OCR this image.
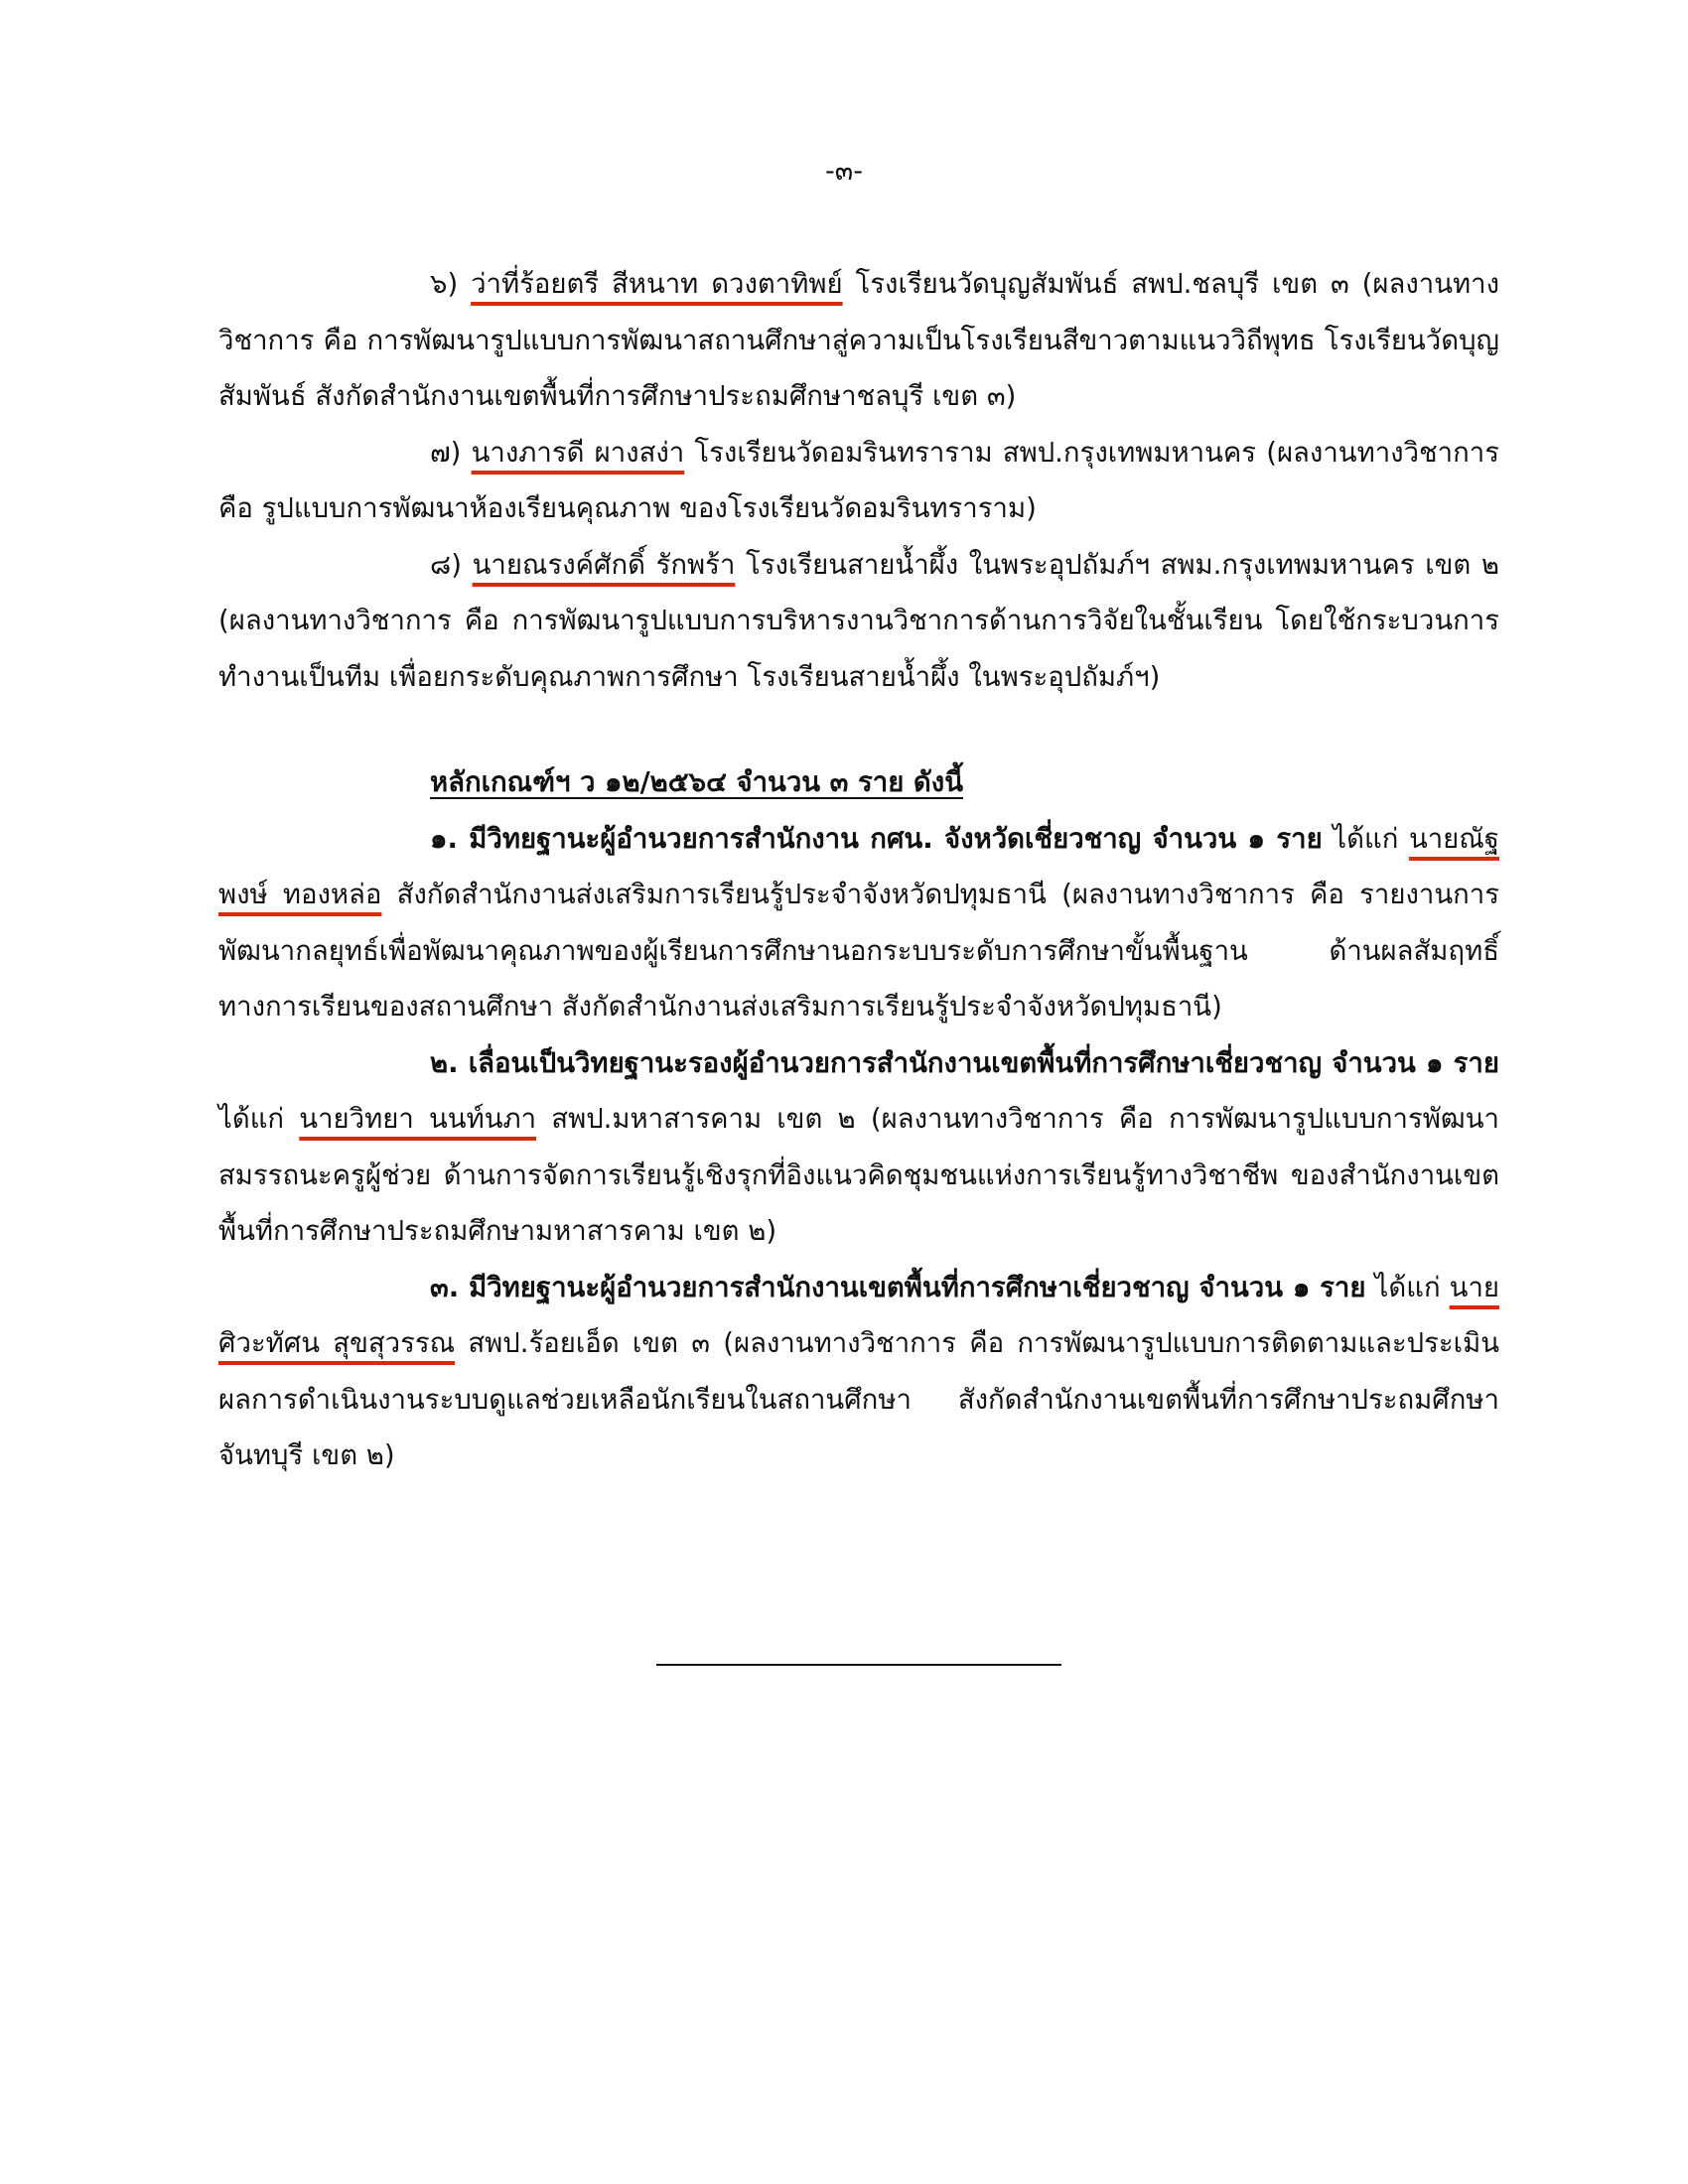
-๓-

๖) ว่าที่ร้อยตรี สีหนาท ดวงตาทิพย์ โรงเรียนวัดบุญสัมพันธ์ สพป.ชลบุรี เขต ๓ (ผลงานทางวิชาการ คือ การพัฒนารูปแบบการพัฒนาสถานศึกษาสู่ความเป็นโรงเรียนสีขาวตามแนววิถีพุทธ โรงเรียนวัดบุญสัมพันธ์ สังกัดสำนักงานเขตพื้นที่การศึกษาประถมศึกษาชลบุรี เขต ๓)

๗) นางภารดี ผางสง่า โรงเรียนวัดอมรินทราราม สพป.กรุงเทพมหานคร (ผลงานทางวิชาการ คือ รูปแบบการพัฒนาห้องเรียนคุณภาพ ของโรงเรียนวัดอมรินทราราม)

๘) นายณรงค์ศักดิ์ รักพร้า โรงเรียนสายน้ำผึ้ง ในพระอุปถัมภ์ฯ สพม.กรุงเทพมหานคร เขต ๒ (ผลงานทางวิชาการ คือ การพัฒนารูปแบบการบริหารงานวิชาการด้านการวิจัยในชั้นเรียน โดยใช้กระบวนการทำงานเป็นทีม เพื่อยกระดับคุณภาพการศึกษา โรงเรียนสายน้ำผึ้ง ในพระอุปถัมภ์ฯ)

หลักเกณฑ์ฯ ว ๑๒/๒๕๖๔ จำนวน ๓ ราย ดังนี้

๑. มีวิทยฐานะผู้อำนวยการสำนักงาน กศน. จังหวัดเชี่ยวชาญ จำนวน ๑ ราย ได้แก่ นายณัฐพงษ์ ทองหล่อ สังกัดสำนักงานส่งเสริมการเรียนรู้ประจำจังหวัดปทุมธานี (ผลงานทางวิชาการ คือ รายงานการพัฒนากลยุทธ์เพื่อพัฒนาคุณภาพของผู้เรียนการศึกษานอกระบบระดับการศึกษาขั้นพื้นฐาน ด้านผลสัมฤทธิ์ทางการเรียนของสถานศึกษา สังกัดสำนักงานส่งเสริมการเรียนรู้ประจำจังหวัดปทุมธานี)

๒. เลื่อนเป็นวิทยฐานะรองผู้อำนวยการสำนักงานเขตพื้นที่การศึกษาเชี่ยวชาญ จำนวน ๑ ราย ได้แก่ นายวิทยา นนท์นภา สพป.มหาสารคาม เขต ๒ (ผลงานทางวิชาการ คือ การพัฒนารูปแบบการพัฒนาสมรรถนะครูผู้ช่วย ด้านการจัดการเรียนรู้เชิงรุกที่อิงแนวคิดชุมชนแห่งการเรียนรู้ทางวิชาชีพ ของสำนักงานเขตพื้นที่การศึกษาประถมศึกษามหาสารคาม เขต ๒)

๓. มีวิทยฐานะผู้อำนวยการสำนักงานเขตพื้นที่การศึกษาเชี่ยวชาญ จำนวน ๑ ราย ได้แก่ นายศิวะทัศน สุขสุวรรณ สพป.ร้อยเอ็ด เขต ๓ (ผลงานทางวิชาการ คือ การพัฒนารูปแบบการติดตามและประเมินผลการดำเนินงานระบบดูแลช่วยเหลือนักเรียนในสถานศึกษา สังกัดสำนักงานเขตพื้นที่การศึกษาประถมศึกษาจันทบุรี เขต ๒)
